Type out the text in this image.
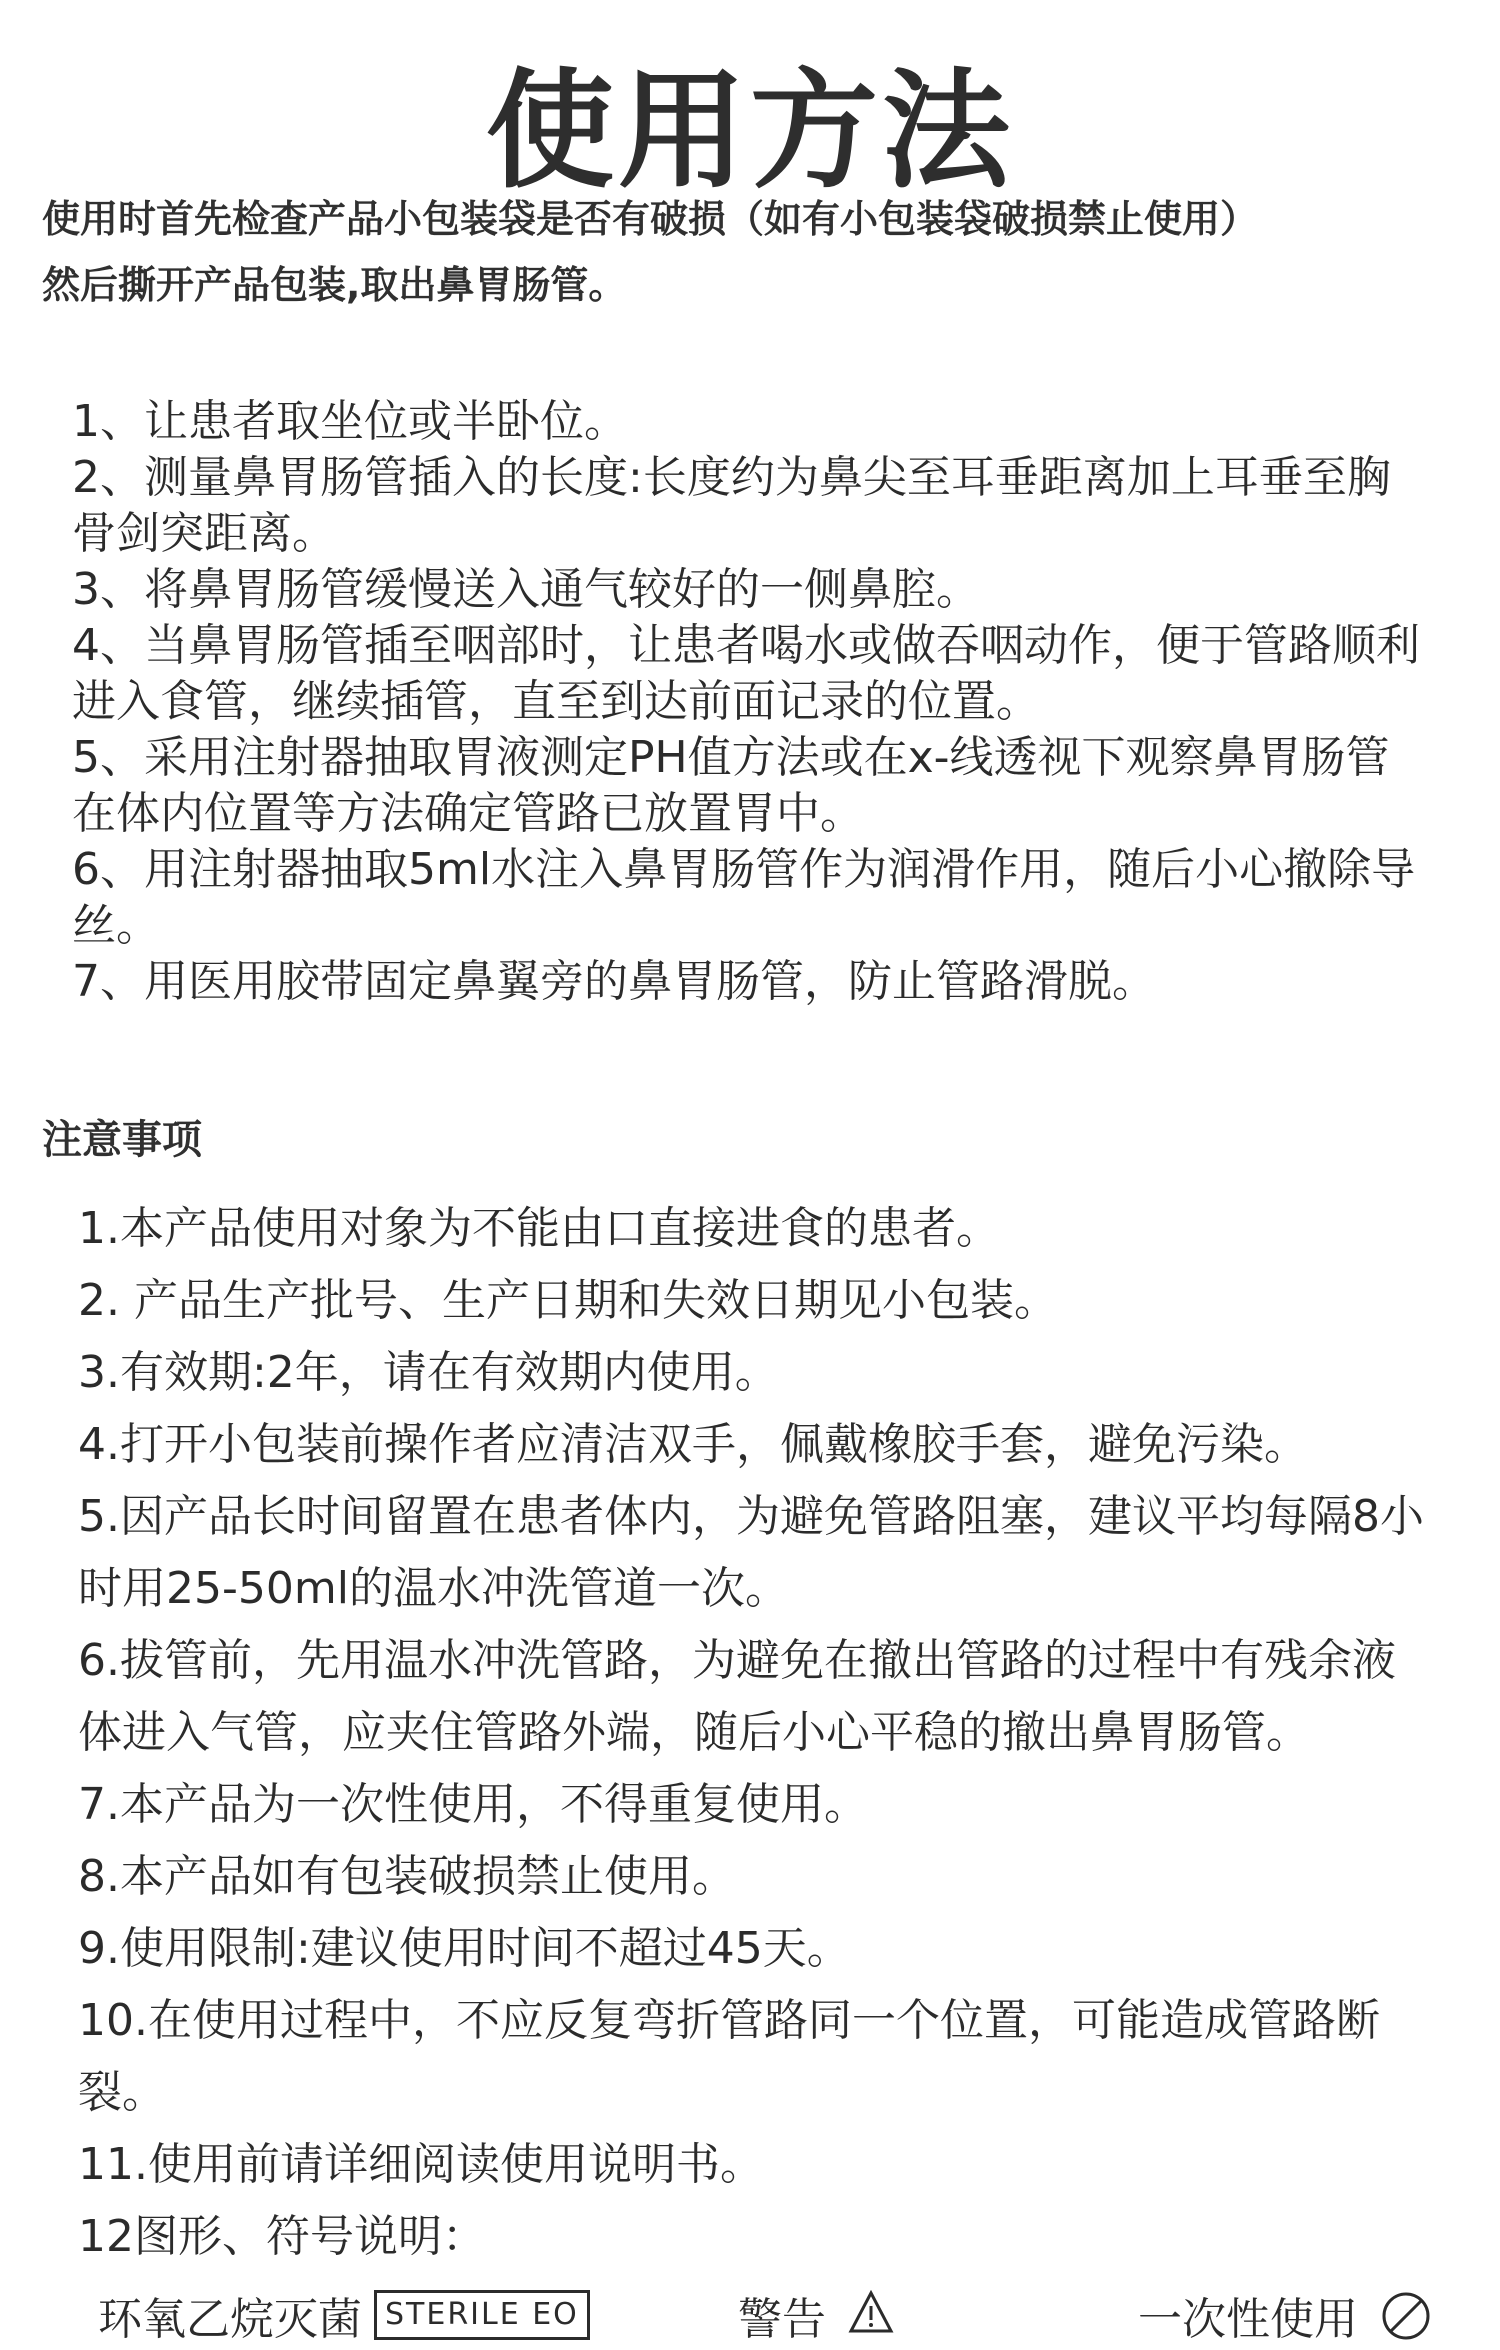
使用方法

使用时首先检查产品小包装袋是否有破损（如有小包装袋破损禁止使用）

然后撕开产品包装,取出鼻胃肠管。

1、让患者取坐位或半卧位。

2、测量鼻胃肠管插入的长度:长度约为鼻尖至耳垂距离加上耳垂至胸骨剑突距离。

3、将鼻胃肠管缓慢送入通气较好的一侧鼻腔。

4、当鼻胃肠管插至咽部时，让患者喝水或做吞咽动作，便于管路顺利进入食管，继续插管，直至到达前面记录的位置。

5、采用注射器抽取胃液测定PH值方法或在x-线透视下观察鼻胃肠管在体内位置等方法确定管路已放置胃中。

6、用注射器抽取5ml水注入鼻胃肠管作为润滑作用，随后小心撤除导丝。

7、用医用胶带固定鼻翼旁的鼻胃肠管，防止管路滑脱。

注意事项

1.本产品使用对象为不能由口直接进食的患者。

2. 产品生产批号、生产日期和失效日期见小包装。

3.有效期:2年，请在有效期内使用。

4.打开小包装前操作者应清洁双手，佩戴橡胶手套，避免污染。

5.因产品长时间留置在患者体内，为避免管路阻塞，建议平均每隔8小时用25-50ml的温水冲洗管道一次。

6.拔管前，先用温水冲洗管路，为避免在撤出管路的过程中有残余液体进入气管，应夹住管路外端，随后小心平稳的撤出鼻胃肠管。

7.本产品为一次性使用，不得重复使用。

8.本产品如有包装破损禁止使用。

9.使用限制:建议使用时间不超过45天。

10.在使用过程中，不应反复弯折管路同一个位置，可能造成管路断裂。

11.使用前请详细阅读使用说明书。

12图形、符号说明：

环氧乙烷灭菌 STERILE EO	警告	一次性使用
